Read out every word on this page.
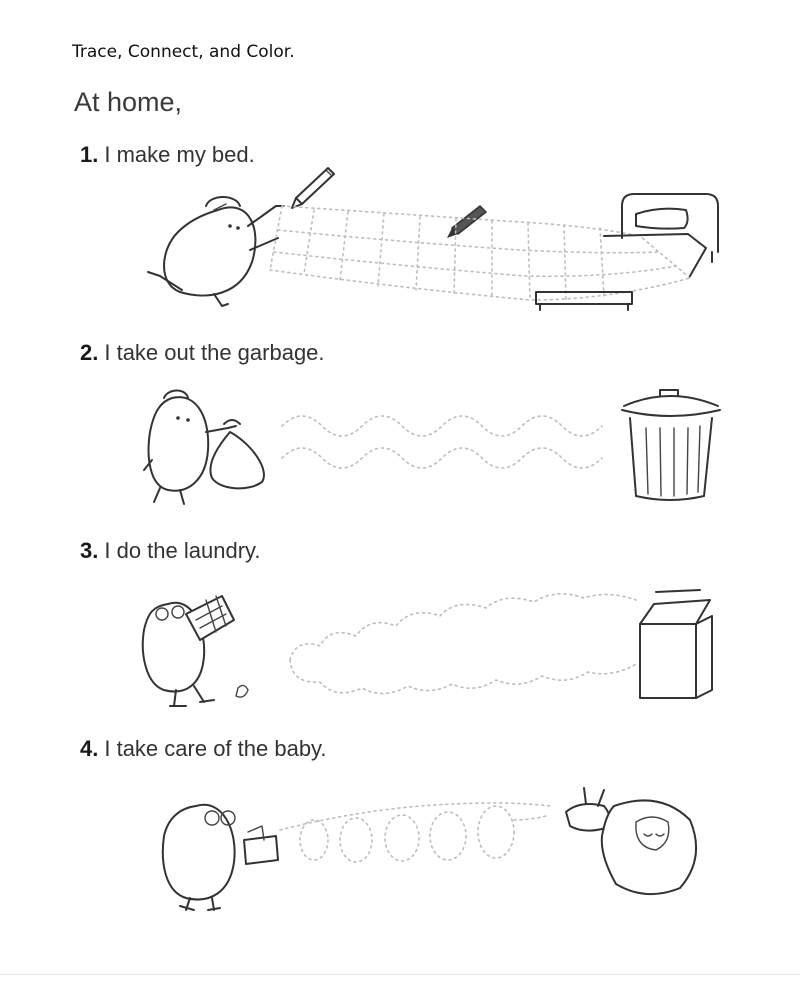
Trace, Connect, and Color.
At home,
1. I make my bed.
2. I take out the garbage.
3. I do the laundry.
4. I take care of the baby.
